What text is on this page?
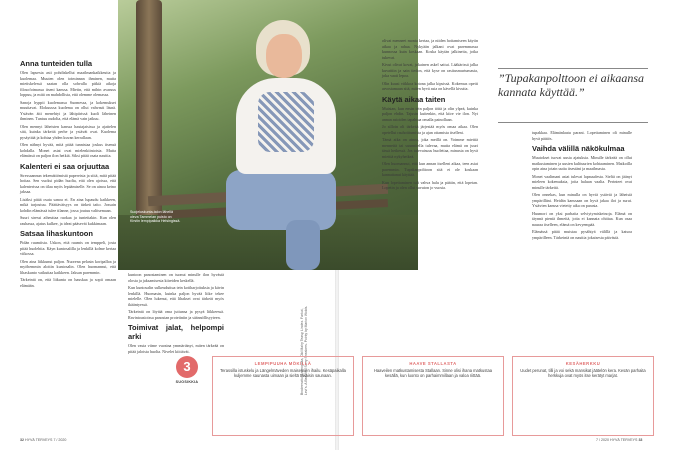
Anna tunteiden tulla

Olen lapsesta asti pohdiskellut maailmankaikkeutta ja kuolemaa. Muuten olen toiminnan ihminen, mutta mietiskelessä saatan olla sohvalla pitkiä aikoja filosofoimassa itseni kanssa. Mietin, että mihin avaruus loppuu, ja mitä on mahdollista, että olemme olemassa.

Sanoja hyppii kuolemassa Suomessa, ja kokemukset muuttavat. Elokuussa kuolema on ollut vahvasti läsnä. Ystävän äiti menehtyi ja lähipiirissä kuoli läheinen ihminen. Tuntuu oudolta, että elämä vain jatkuu.

Olen mennyt läheisten kanssa hautajaisissa ja ajattelen sitä, kuinka tärkeitä perhe ja ystävät ovat. Kuolema pysäyttää ja kohtaa yhden kuvan kerrallaan.

Olen nähnyt hyvää, mitä pitää tunnistaa joskus itsensä kohdalla. Monet asiat ovat mielenkiintoisia. Mutta elämässä on paljon ilon hetkiä. Siksi pitää osata nauttia.

Kalenteri ei saa orjuuttaa

Stressaannun tekemättömistä papereista ja siitä, mitä pitää hoitaa. Sen vuoksi pidän huolta, että olen ajoissa, että kalenterissa on tilaa myös lepäämiselle. Se on ainoa keino jaksaa.

Lisäksi pitää osata sanoa ei. En aina lupaudu kaikkeen, mikä tarjoutuu. Päättäväisyys on tärkeä taito. Jossain kohdin elämässä tulee tilanne, jossa joutuu valitsemaan.

Suuri stressi aiheuttaa ruokaa ja tunteitakin. Kun olen rauhassa, ajatus kulkee, ja ideat pääsevät kukkimaan.

Satsaa lihaskuntoon

Pidän ruumiista. Uskon, että ruumis on temppeli, josta pitää huolehtia. Käyn kuntosalilla ja lenkillä kolme kertaa viikossa.

Olen aina liikkunut paljon. Nuorena pelasin koripalloa ja myöhemmin aloitin kuntosalin. Olen huomannut, että lihaskunto vaikuttaa kaikkeen. Jaksan paremmin.

Tärkeintä on, että liikunta on hauskaa ja sopii omaan elämään.

kuntoon panostaminen on tuonut minulle ilon hyvästä olosta ja jaksamisesta kiireiden keskellä.

Kun kuntosalin sulkeuduttua tein kotiharjoituksia ja kävin lenkillä. Huomasin, kuinka paljon hyvää liike tekee mielelle. Olen lukenut, että lihakset ovat tärkeät myös ikääntyessä.

Tärkeintä on löytää oma juttunsa ja pysyä liikkeessä. Ravintoasioissa panostan proteiiniin ja säännöllisyyteen.

Toimivat jalat, helpompi arki

Olen vasta viime vuosina ymmärtänyt, miten tärkeää on pitää jaloista huolta. Nivelet kiittävät.	Brodeerattu puseropaita, Old Mahy Teasy, Lindex. Farkut, Levi’s. A Beautiful Sorry Sneakers. Pointy by Marion Wolds.
Suojeluskunta-talon lähellä oleva Tammelan puisto on Kirstin lempipaikka Helsingissä.

olivat menneet monta kertaa, ja niiden hoitamiseen käytin aikaa ja rahaa. Nykyään jalkani ovat paremmassa kunnossa kuin koskaan. Koska käytän jalkineita, jotka tukevat.

Kivut olivat kovat, jokainen askel sattui. Lääkärissä jalka kuvattiin ja sain tiedon, että kyse on rasitusmurtumasta, joka vaati lepoa.

Olin kuusi viikkoa kotona jalka kipsissä. Kokemus opetti arvostamaan sitä, miten hyvä asia on kävellä kivutta.

Käytä aikaa taiten

Muistan, kun ensin tein paljon töitä ja olin ylpeä, kuinka paljon ehdin. Tajusin kuitenkin, että kiire vie ilon. Nyt annan asioiden tapahtua omalla painollaan.

Jo silloin oli tärkeää järjestää myös omaa aikaa. Olen opetellut rauhoittumista ja ajan ottamista itselleni.

Tämä aika on ainoa, joka meillä on. Voimme miettiä menneitä tai suunnitella tulevaa, mutta elämä on juuri tässä hetkessä. Jos tulevaisuus huolettaa, minusta on hyvä miettiä nykyhetkeä.

Olen huomannut, että kun annan itselleni aikaa, teen asiat paremmin. Tupakanpolttoon sitä ei ole koskaan kannattanut käyttää.

Kun lopettaminen tuli vahva halu ja päätin, että lopetan. Lopetin ja olen ollut savuton jo vuosia.

”Tupakanpolttoon ei aikaansa kannata käyttää.”

tupakkaa. Elämänlaatu parani. Lopettaminen oli minulle hyvä päätös.

Vaihda välillä näkökulmaa

Muutokset tuovat uusia ajatuksia. Minulle tärkeää on ollut matkustaminen ja uusien kulttuurien kohtaaminen. Matkoilla opin aina jotain uutta itsestäni ja maailmasta.

Monet vaalimani asiat tulevat lapsuudesta. Sieltä on jäänyt mieleen kokemuksia, joita haluan vaalia. Perinteet ovat minulle tärkeitä.

Olen onnekas, kun minulla on hyviä ystäviä ja läheisiä ympärilläni. Heidän kanssaan on hyvä jakaa ilot ja surut. Ystävien kanssa vietetty aika on parasta.

Huumori on yksi parhaita selviytymiskeinoja. Elämä on täynnä pieniä ihmeitä, joita ei kannata ohittaa. Kun osaa nauraa itselleen, elämä on kevyempää.

Elämässä pitää muistaa pysähtyä välillä ja katsoa ympärilleen. Tärkeintä on nauttia jokaisesta päivästä.

3
SUOSIKKIA
LEMPIPUUHA MÖKILLÄ
Terassilla istuskelu ja Längelmäveden maisemien ihailu. Kesäpaikalla kuljemme saunasta uimaan ja sieltä takaisin saunaan.
HAAVE STALLASTA
Haaveilen matkustamisesta Stallaan. Sinne olisi ihana matkustaa kesällä, kun luonto on parhaimmillaan ja valoa riittää.
KESÄHERKKU
Uudet perunat, tilli ja voi sekä mansikat jäätelön kera. Kesän parhaita herkkuja ovat myös itse kerätyt marjat.
32 HYVÄ TERVEYS 7 / 2020	7 / 2020 HYVÄ TERVEYS 33
